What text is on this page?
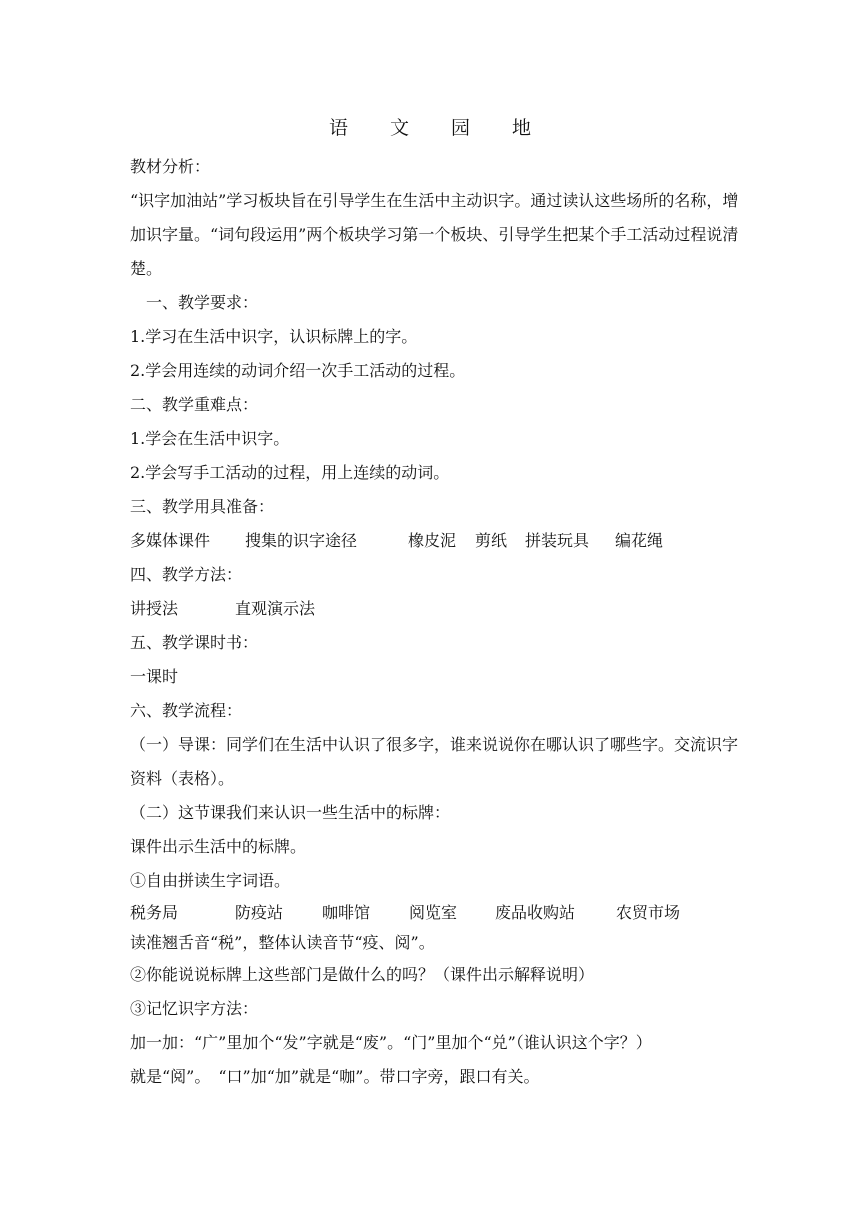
语 文 园 地
教材分析：
“识字加油站”学习板块旨在引导学生在生活中主动识字。通过读认这些场所的名称，增加识字量。“词句段运用”两个板块学习第一个板块、引导学生把某个手工活动过程说清楚。
一、教学要求：
1.学习在生活中识字，认识标牌上的字。
2.学会用连续的动词介绍一次手工活动的过程。
二、教学重难点：
1.学会在生活中识字。
2.学会写手工活动的过程，用上连续的动词。
三、教学用具准备：
多媒体课件	搜集的识字途径	橡皮泥	剪纸	拼装玩具	编花绳
四、教学方法：
讲授法	直观演示法
五、教学课时书：
一课时
六、教学流程：
（一）导课：同学们在生活中认识了很多字，谁来说说你在哪认识了哪些字。交流识字资料（表格）。
（二）这节课我们来认识一些生活中的标牌：
课件出示生活中的标牌。
①自由拼读生字词语。
税务局	防疫站	咖啡馆	阅览室	废品收购站	农贸市场
读准翘舌音“税”，整体认读音节“疫、阅”。
②你能说说标牌上这些部门是做什么的吗？（课件出示解释说明）
③记忆识字方法：
加一加：“广”里加个“发”字就是“废”。“门”里加个“兑”（谁认识这个字？）
就是“阅”。　“口”加“加”就是“咖”。带口字旁，跟口有关。
